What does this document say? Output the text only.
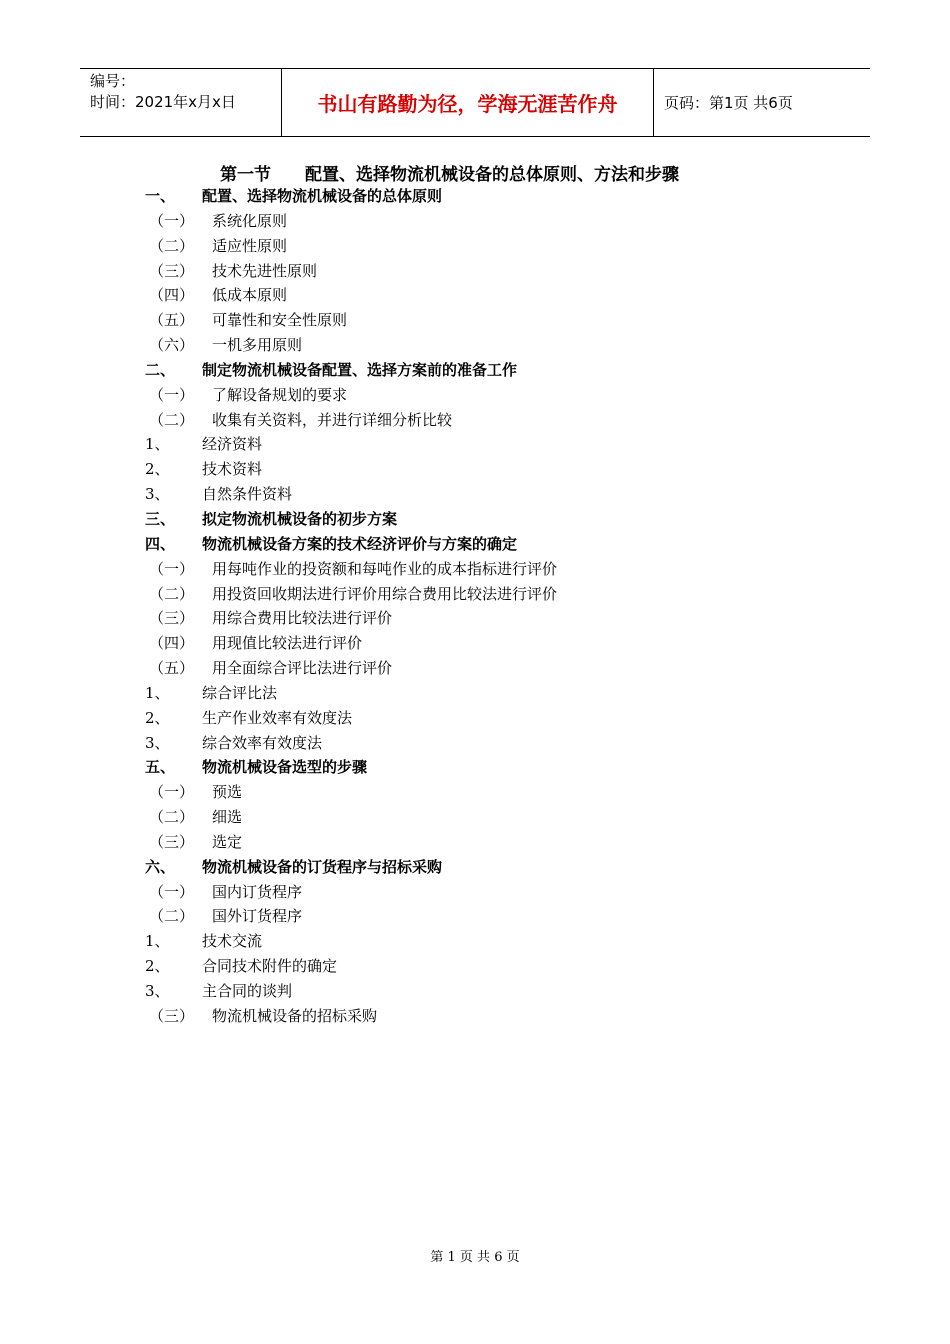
编号：
时间：2021年x月x日	书山有路勤为径，学海无涯苦作舟	页码：第1页 共6页
第一节 配置、选择物流机械设备的总体原则、方法和步骤
一、 配置、选择物流机械设备的总体原则
（一） 系统化原则
（二） 适应性原则
（三） 技术先进性原则
（四） 低成本原则
（五） 可靠性和安全性原则
（六） 一机多用原则
二、 制定物流机械设备配置、选择方案前的准备工作
（一） 了解设备规划的要求
（二） 收集有关资料，并进行详细分析比较
1、 经济资料
2、 技术资料
3、 自然条件资料
三、 拟定物流机械设备的初步方案
四、 物流机械设备方案的技术经济评价与方案的确定
（一） 用每吨作业的投资额和每吨作业的成本指标进行评价
（二） 用投资回收期法进行评价用综合费用比较法进行评价
（三） 用综合费用比较法进行评价
（四） 用现值比较法进行评价
（五） 用全面综合评比法进行评价
1、 综合评比法
2、 生产作业效率有效度法
3、 综合效率有效度法
五、 物流机械设备选型的步骤
（一） 预选
（二） 细选
（三） 选定
六、 物流机械设备的订货程序与招标采购
（一） 国内订货程序
（二） 国外订货程序
1、 技术交流
2、 合同技术附件的确定
3、 主合同的谈判
（三） 物流机械设备的招标采购
第 1 页 共 6 页
